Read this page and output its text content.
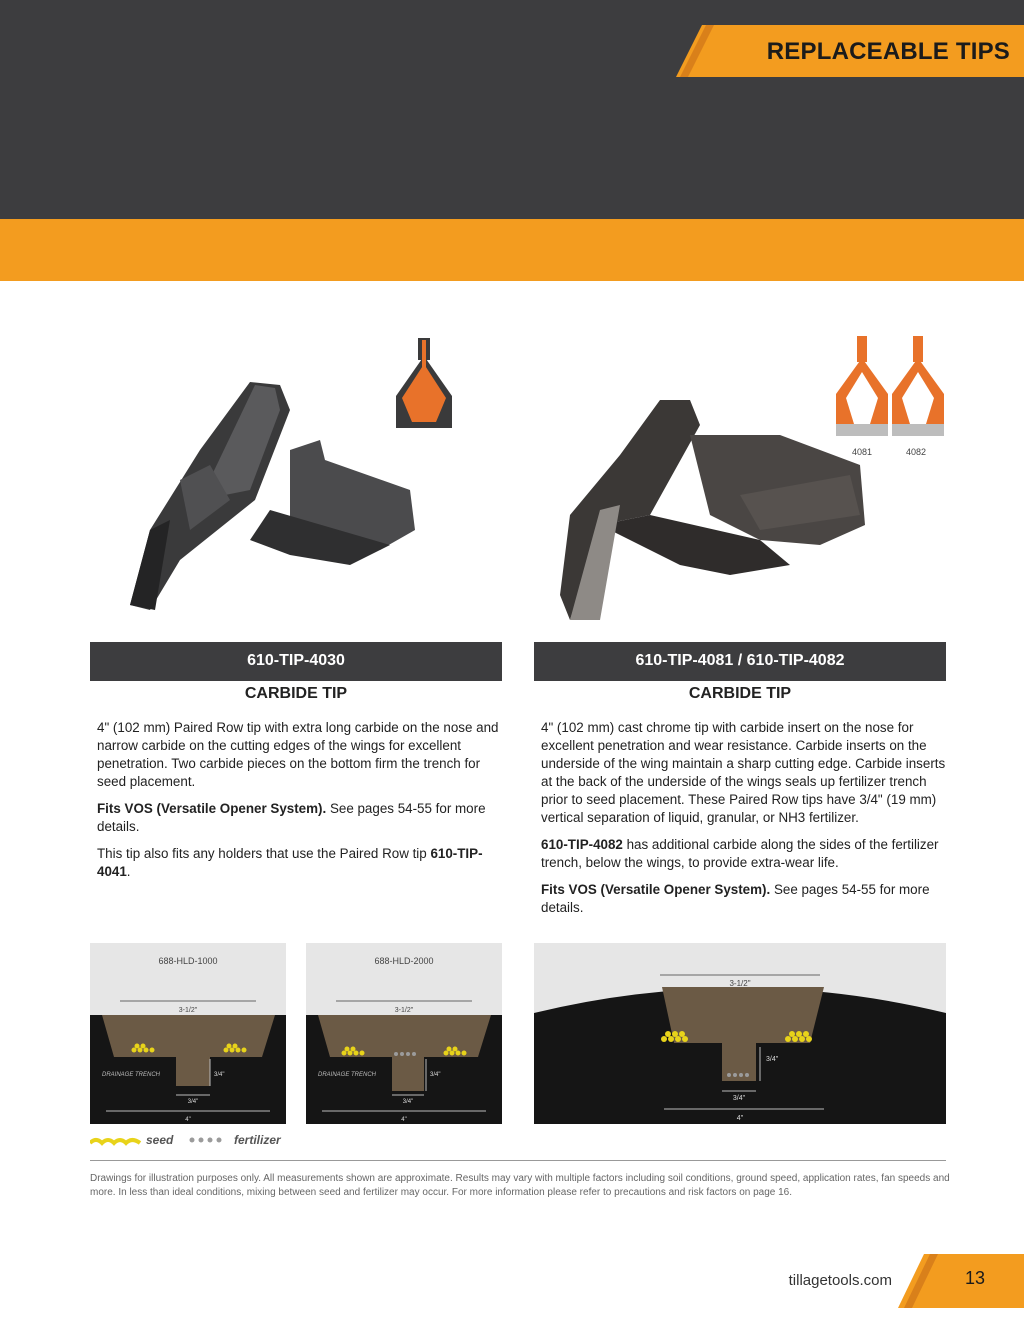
REPLACEABLE TIPS
4081	4082
610-TIP-4030
CARBIDE TIP

4" (102 mm) Paired Row tip with extra long carbide on the nose and narrow carbide on the cutting edges of the wings for excellent penetration. Two carbide pieces on the bottom firm the trench for seed placement.

Fits VOS (Versatile Opener System). See pages 54-55 for more details.

This tip also fits any holders that use the Paired Row tip 610-TIP-4041.

610-TIP-4081 / 610-TIP-4082
CARBIDE TIP

4" (102 mm) cast chrome tip with carbide insert on the nose for excellent penetration and wear resistance. Carbide inserts on the underside of the wing maintain a sharp cutting edge. Carbide inserts at the back of the underside of the wings seals up fertilizer trench prior to seed placement. These Paired Row tips have 3/4" (19 mm) vertical separation of liquid, granular, or NH3 fertilizer.

610-TIP-4082 has additional carbide along the sides of the fertilizer trench, below the wings, to provide extra-wear life.

Fits VOS (Versatile Opener System). See pages 54-55 for more details.

688-HLD-1000
3-1/2"
DRAINAGE TRENCH	3/4"
3/4"
4"
688-HLD-2000
3-1/2"
DRAINAGE TRENCH	3/4"
3/4"
4"
3-1/2"
3/4"
3/4"
4"
seed	fertilizer
Drawings for illustration purposes only. All measurements shown are approximate. Results may vary with multiple factors including soil conditions, ground speed, application rates, fan speeds and more. In less than ideal conditions, mixing between seed and fertilizer may occur. For more information please refer to precautions and risk factors on page 16.
tillagetools.com	13
